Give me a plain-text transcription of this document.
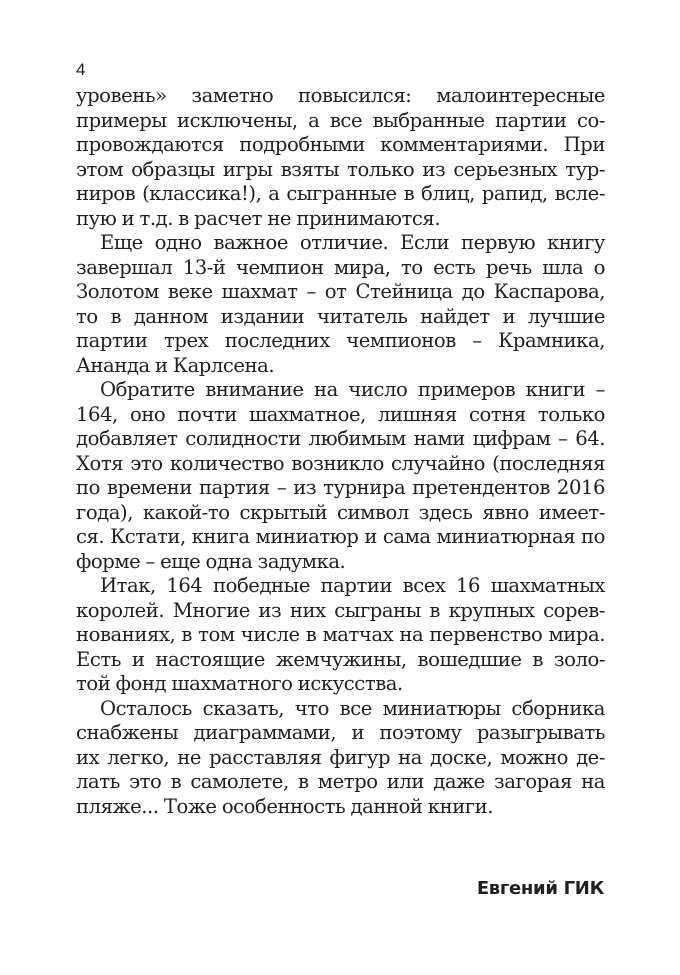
4
уровень» заметно повысился: малоинтересные
примеры исключены, а все выбранные партии со-
провождаются подробными комментариями. При
этом образцы игры взяты только из серьезных тур-
ниров (классика!), а сыгранные в блиц, рапид, вслe-
пую и т.д. в расчет не принимаются.
Еще одно важное отличие. Если первую книгу
завершал 13-й чемпион мира, то есть речь шла о
Золотом веке шахмат – от Стейница до Каспарова,
то в данном издании читатель найдет и лучшие
партии трех последних чемпионов – Крамника,
Ананда и Карлсена.
Обратите внимание на число примеров книги –
164, оно почти шахматное, лишняя сотня только
добавляет солидности любимым нами цифрам – 64.
Хотя это количество возникло случайно (последняя
по времени партия – из турнира претендентов 2016
года), какой-то скрытый символ здесь явно имеет-
ся. Кстати, книга миниатюр и сама миниатюрная по
форме – еще одна задумка.
Итак, 164 победные партии всех 16 шахматных
королей. Многие из них сыграны в крупных сорев-
нованиях, в том числе в матчах на первенство мира.
Есть и настоящие жемчужины, вошедшие в золо-
той фонд шахматного искусства.
Осталось сказать, что все миниатюры сборника
снабжены диаграммами, и поэтому разыгрывать
их легко, не расставляя фигур на доске, можно де-
лать это в самолете, в метро или даже загорая на
пляже... Тоже особенность данной книги.
Евгений ГИК
